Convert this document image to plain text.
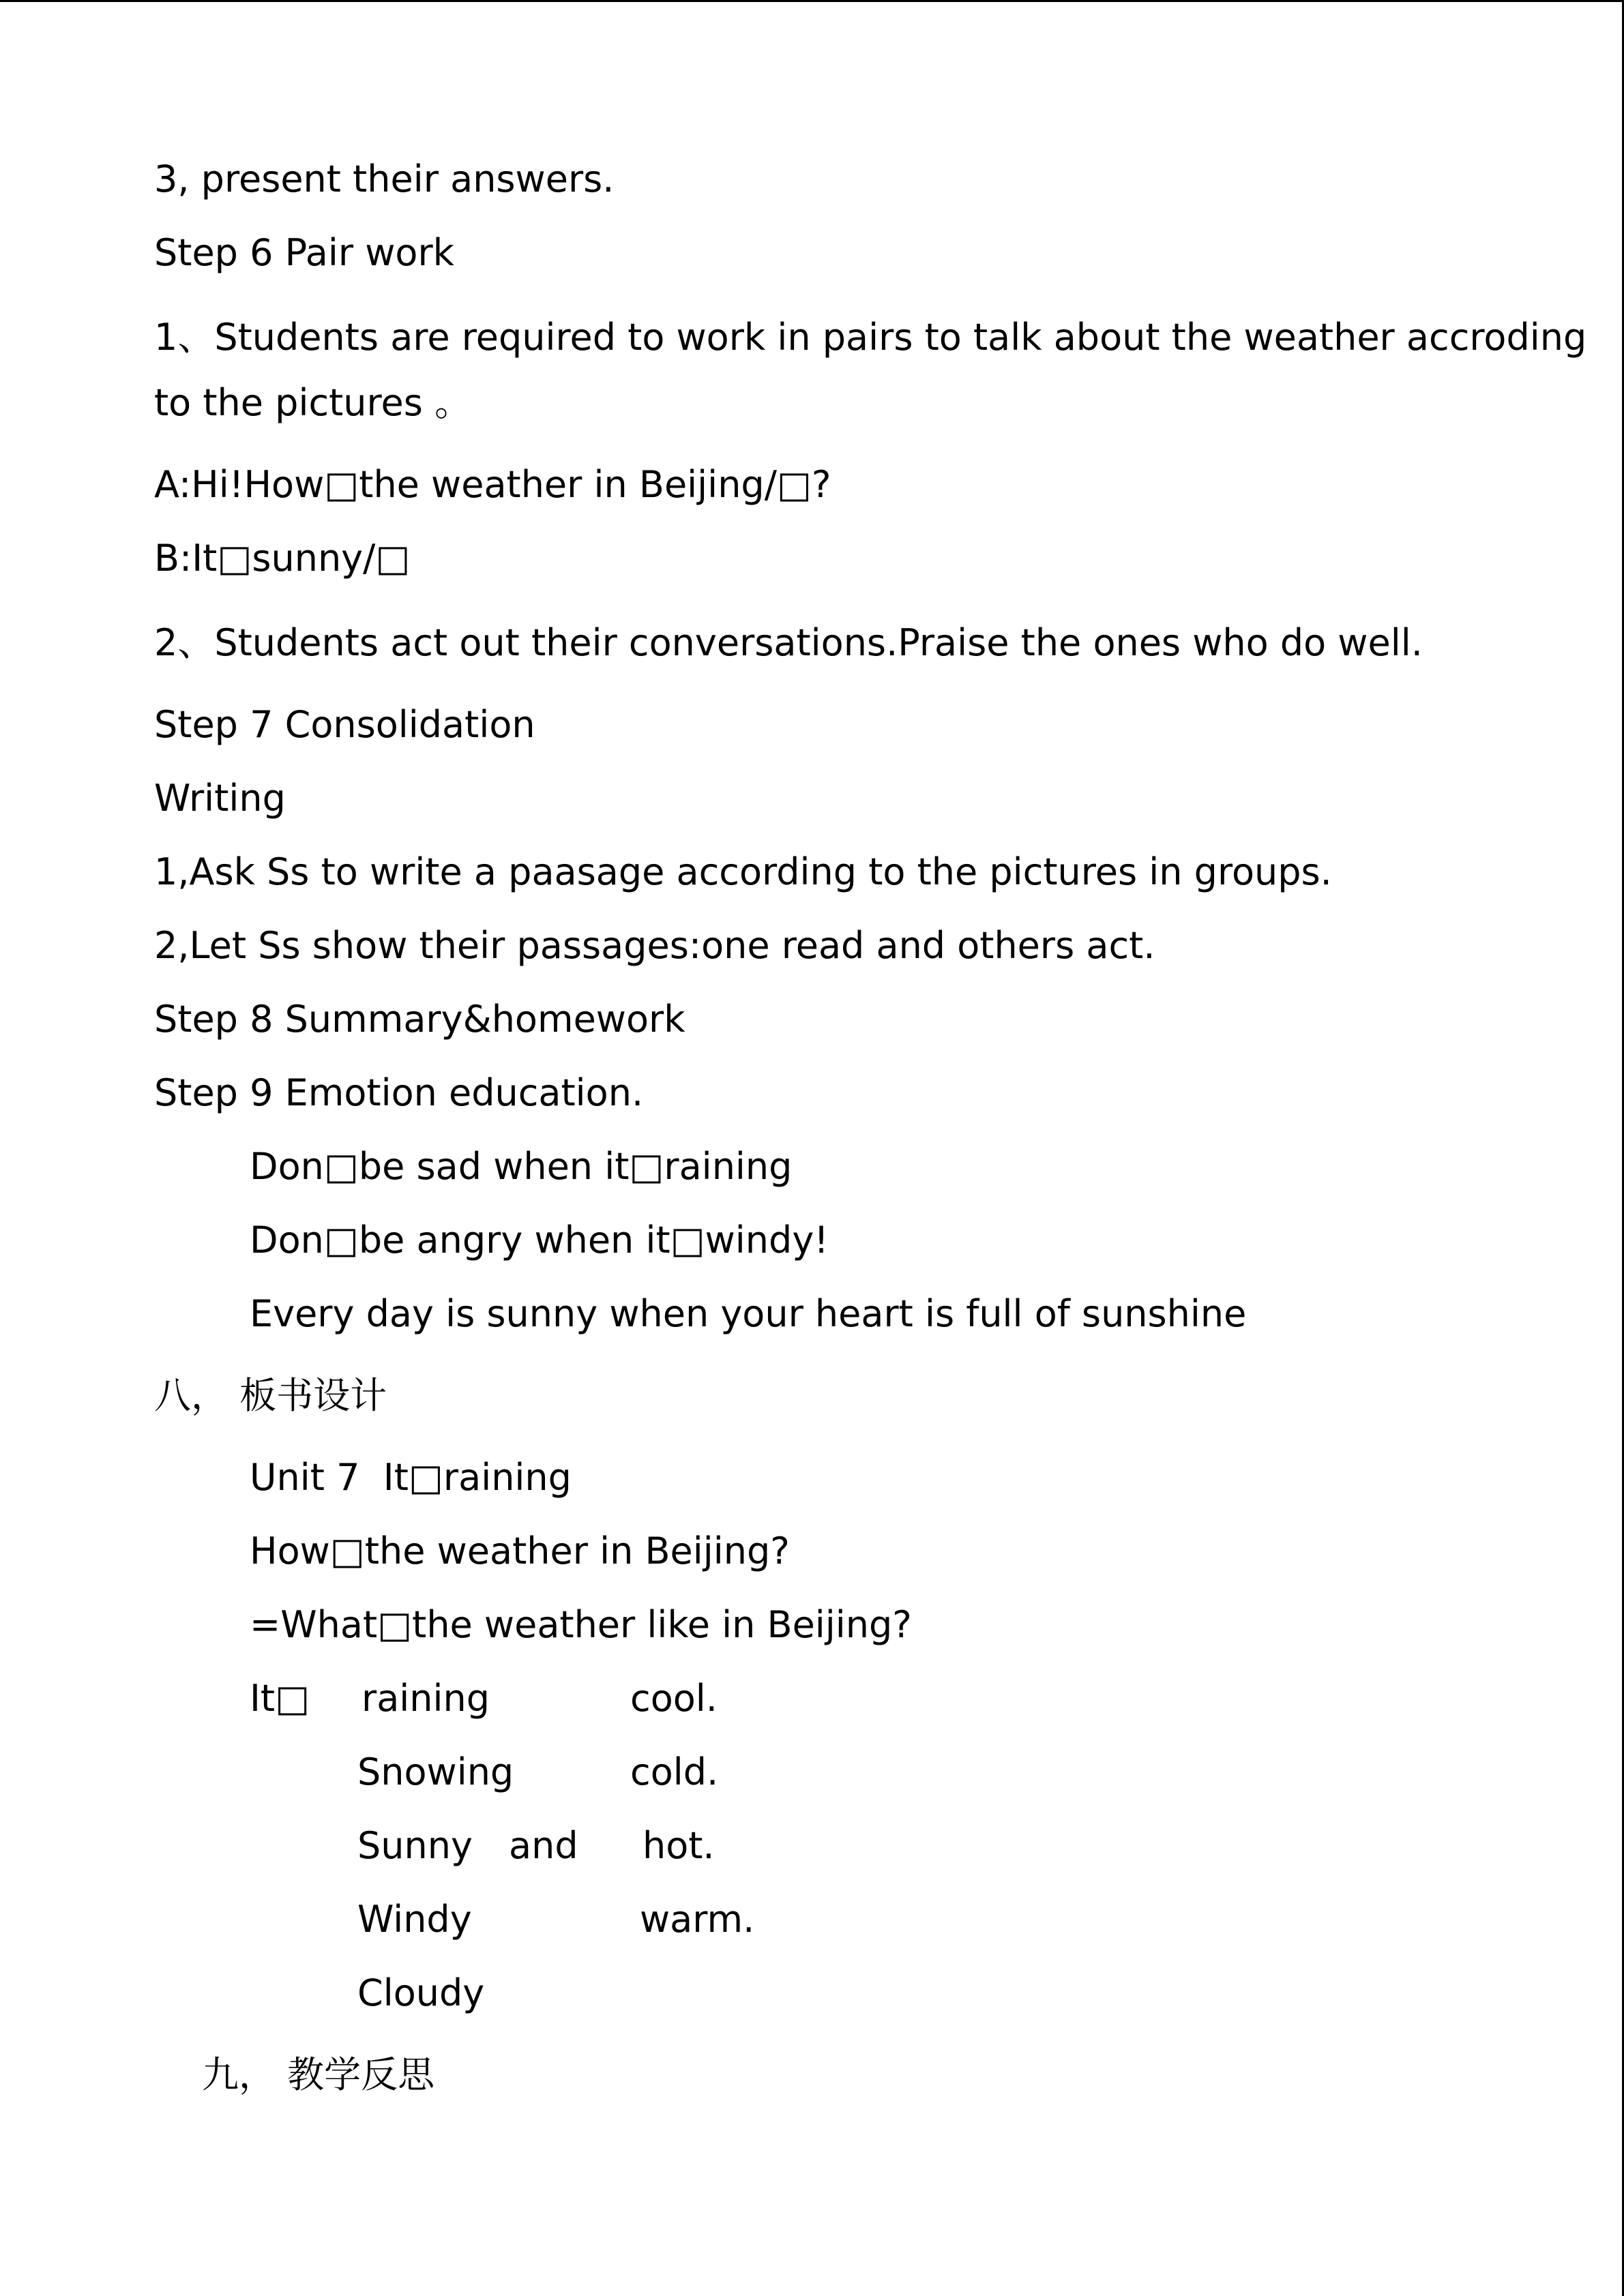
3, present their answers.
Step 6 Pair work
1、Students are required to work in pairs to talk about the weather accroding
to the pictures 。
A:Hi!How□the weather in Beijing/□?
B:It□sunny/□
2、Students act out their conversations.Praise the ones who do well.
Step 7 Consolidation
Writing
1,Ask Ss to write a paasage according to the pictures in groups.
2,Let Ss show their passages:one read and others act.
Step 8 Summary&homework
Step 9 Emotion education.
Don□be sad when it□raining
Don□be angry when it□windy!
Every day is sunny when your heart is full of sunshine
八， 板书设计
Unit 7  It□raining
How□the weather in Beijing?
=What□the weather like in Beijing?
It□ raining	cool.
Snowing	cold.
Sunny and hot.
Windy	warm.
Cloudy
九， 教学反思
